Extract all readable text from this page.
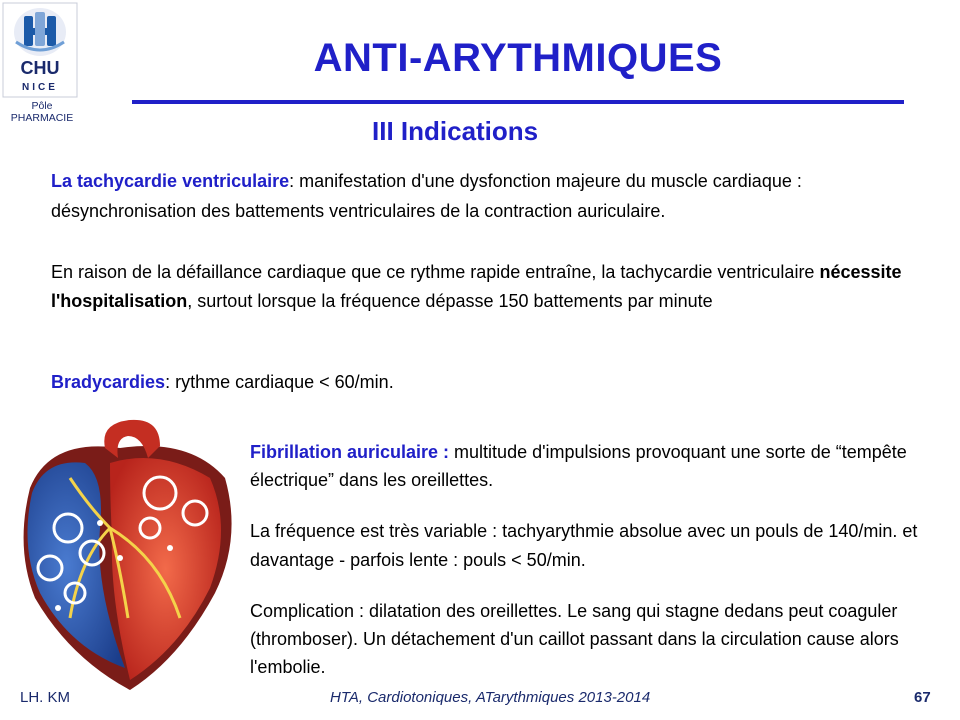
CHU
NICE
Pôle
PHARMACIE
ANTI-ARYTHMIQUES
III Indications

La tachycardie ventriculaire: manifestation d'une dysfonction majeure du muscle cardiaque : désynchronisation des battements ventriculaires de la contraction auriculaire.

En raison de la défaillance cardiaque que ce rythme rapide entraîne, la tachycardie ventriculaire nécessite l'hospitalisation, surtout lorsque la fréquence dépasse 150 battements par minute

Bradycardies: rythme cardiaque < 60/min.

Fibrillation auriculaire : multitude d'impulsions provoquant une sorte de “tempête électrique” dans les oreillettes.

La fréquence est très variable : tachyarythmie absolue avec un pouls de 140/min. et davantage - parfois lente : pouls < 50/min.

Complication : dilatation des oreillettes. Le sang qui stagne dedans peut coaguler (thromboser). Un détachement d'un caillot passant dans la circulation cause alors l'embolie.

LH. KM	HTA, Cardiotoniques, ATarythmiques 2013-2014	67
